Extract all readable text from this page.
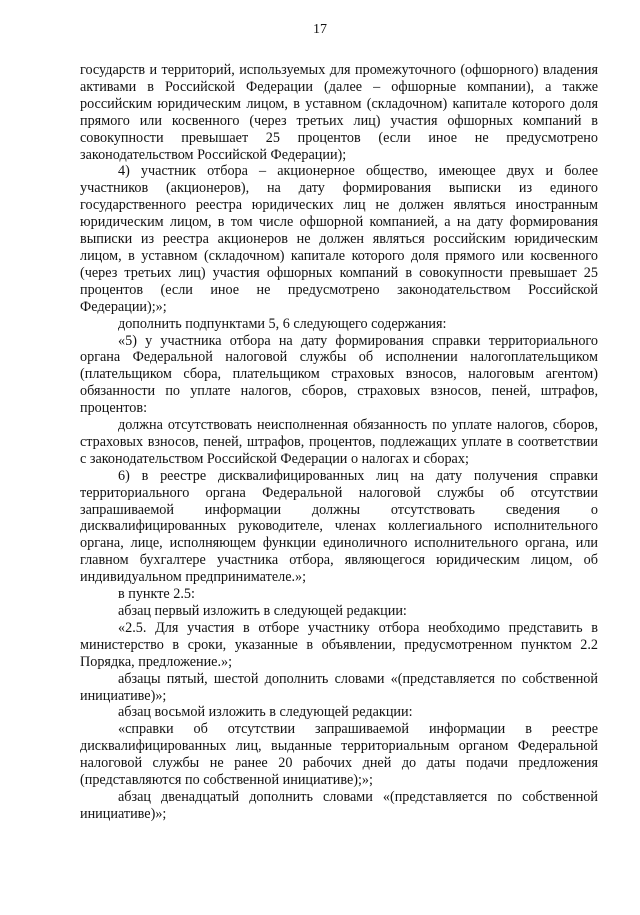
17

государств и территорий, используемых для промежуточного (офшорного) владения активами в Российской Федерации (далее – офшорные компании), а также российским юридическим лицом, в уставном (складочном) капитале которого доля прямого или косвенного (через третьих лиц) участия офшорных компаний в совокупности превышает 25 процентов (если иное не предусмотрено законодательством Российской Федерации);

4) участник отбора – акционерное общество, имеющее двух и более участников (акционеров), на дату формирования выписки из единого государственного реестра юридических лиц не должен являться иностранным юридическим лицом, в том числе офшорной компанией, а на дату формирования выписки из реестра акционеров не должен являться российским юридическим лицом, в уставном (складочном) капитале которого доля прямого или косвенного (через третьих лиц) участия офшорных компаний в совокупности превышает 25 процентов (если иное не предусмотрено законодательством Российской Федерации);»;

дополнить подпунктами 5, 6 следующего содержания:

«5) у участника отбора на дату формирования справки территориального органа Федеральной налоговой службы об исполнении налогоплательщиком (плательщиком сбора, плательщиком страховых взносов, налоговым агентом) обязанности по уплате налогов, сборов, страховых взносов, пеней, штрафов, процентов:

должна отсутствовать неисполненная обязанность по уплате налогов, сборов, страховых взносов, пеней, штрафов, процентов, подлежащих уплате в соответствии с законодательством Российской Федерации о налогах и сборах;

6) в реестре дисквалифицированных лиц на дату получения справки территориального органа Федеральной налоговой службы об отсутствии запрашиваемой информации должны отсутствовать сведения о дисквалифицированных руководителе, членах коллегиального исполнительного органа, лице, исполняющем функции единоличного исполнительного органа, или главном бухгалтере участника отбора, являющегося юридическим лицом, об индивидуальном предпринимателе.»;

в пункте 2.5:

абзац первый изложить в следующей редакции:

«2.5. Для участия в отборе участнику отбора необходимо представить в министерство в сроки, указанные в объявлении, предусмотренном пунктом 2.2 Порядка, предложение.»;

абзацы пятый, шестой дополнить словами «(представляется по собственной инициативе)»;

абзац восьмой изложить в следующей редакции:

«справки об отсутствии запрашиваемой информации в реестре дисквалифицированных лиц, выданные территориальным органом Федеральной налоговой службы не ранее 20 рабочих дней до даты подачи предложения (представляются по собственной инициативе);»;

абзац двенадцатый дополнить словами «(представляется по собственной инициативе)»;
